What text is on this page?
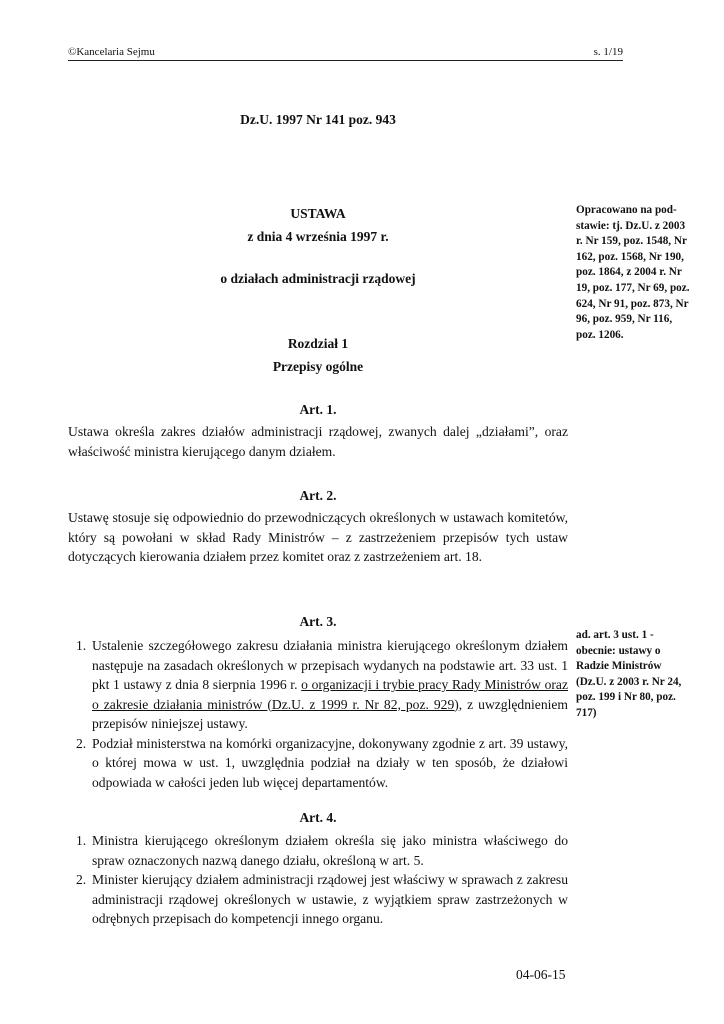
©Kancelaria Sejmu	s. 1/19
Dz.U. 1997 Nr 141 poz. 943
USTAWA
z dnia 4 września 1997 r.
o działach administracji rządowej
Opracowano na pod-stawie: tj. Dz.U. z 2003 r. Nr 159, poz. 1548, Nr 162, poz. 1568, Nr 190, poz. 1864, z 2004 r. Nr 19, poz. 177, Nr 69, poz. 624, Nr 91, poz. 873, Nr 96, poz. 959, Nr 116, poz. 1206.
Rozdział 1
Przepisy ogólne
Art. 1.
Ustawa określa zakres działów administracji rządowej, zwanych dalej „działami”, oraz właściwość ministra kierującego danym działem.
Art. 2.
Ustawę stosuje się odpowiednio do przewodniczących określonych w ustawach komitetów, który są powołani w skład Rady Ministrów – z zastrzeżeniem przepisów tych ustaw dotyczących kierowania działem przez komitet oraz z zastrzeżeniem art. 18.
Art. 3.
1. Ustalenie szczegółowego zakresu działania ministra kierującego określonym działem następuje na zasadach określonych w przepisach wydanych na podstawie art. 33 ust. 1 pkt 1 ustawy z dnia 8 sierpnia 1996 r. o organizacji i trybie pracy Rady Ministrów oraz o zakresie działania ministrów (Dz.U. z 1999 r. Nr 82, poz. 929), z uwzględnieniem przepisów niniejszej ustawy.
2. Podział ministerstwa na komórki organizacyjne, dokonywany zgodnie z art. 39 ustawy, o której mowa w ust. 1, uwzględnia podział na działy w ten sposób, że działowi odpowiada w całości jeden lub więcej departamentów.
ad. art. 3 ust. 1 - obecnie: ustawy o Radzie Ministrów (Dz.U. z 2003 r. Nr 24, poz. 199 i Nr 80, poz. 717)
Art. 4.
1. Ministra kierującego określonym działem określa się jako ministra właściwego do spraw oznaczonych nazwą danego działu, określoną w art. 5.
2. Minister kierujący działem administracji rządowej jest właściwy w sprawach z zakresu administracji rządowej określonych w ustawie, z wyjątkiem spraw zastrzeżonych w odrębnych przepisach do kompetencji innego organu.
04-06-15
